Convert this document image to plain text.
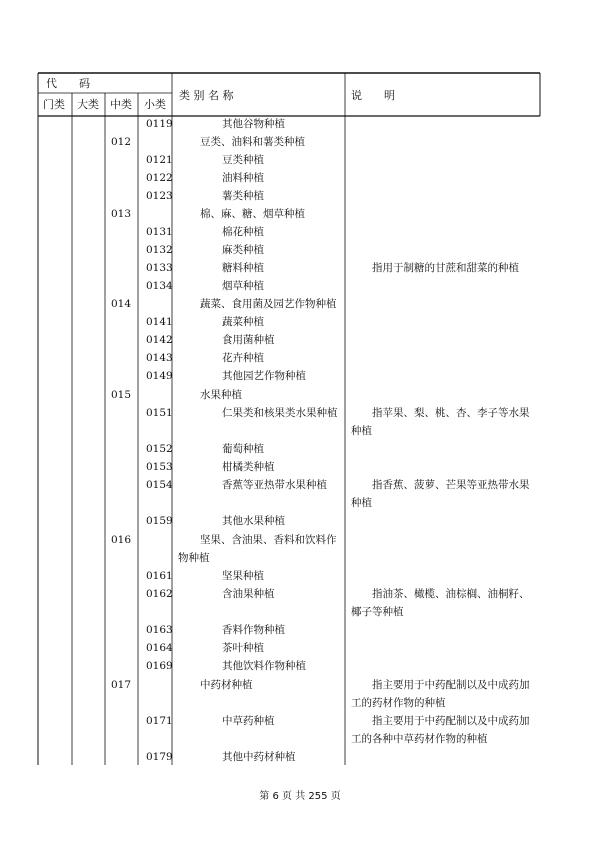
代　　码
门类 大类 中类 小类
类 别 名 称	说　　明
0119	其他谷物种植
012	豆类、油料和薯类种植
0121	豆类种植
0122	油料种植
0123	薯类种植
013	棉、麻、糖、烟草种植
0131	棉花种植
0132	麻类种植
0133	糖料种植	指用于制糖的甘蔗和甜菜的种植
0134	烟草种植
014	蔬菜、食用菌及园艺作物种植
0141	蔬菜种植
0142	食用菌种植
0143	花卉种植
0149	其他园艺作物种植
015	水果种植
0151	仁果类和核果类水果种植	指苹果、梨、桃、杏、李子等水果
种植
0152	葡萄种植
0153	柑橘类种植
0154	香蕉等亚热带水果种植	指香蕉、菠萝、芒果等亚热带水果
种植
0159	其他水果种植
016	坚果、含油果、香料和饮料作
物种植
0161	坚果种植
0162	含油果种植	指油茶、橄榄、油棕榈、油桐籽、
椰子等种植
0163	香料作物种植
0164	茶叶种植
0169	其他饮料作物种植
017	中药材种植	指主要用于中药配制以及中成药加
工的药材作物的种植
0171	中草药种植	指主要用于中药配制以及中成药加
工的各种中草药材作物的种植
0179	其他中药材种植
第 6 页 共 255 页
